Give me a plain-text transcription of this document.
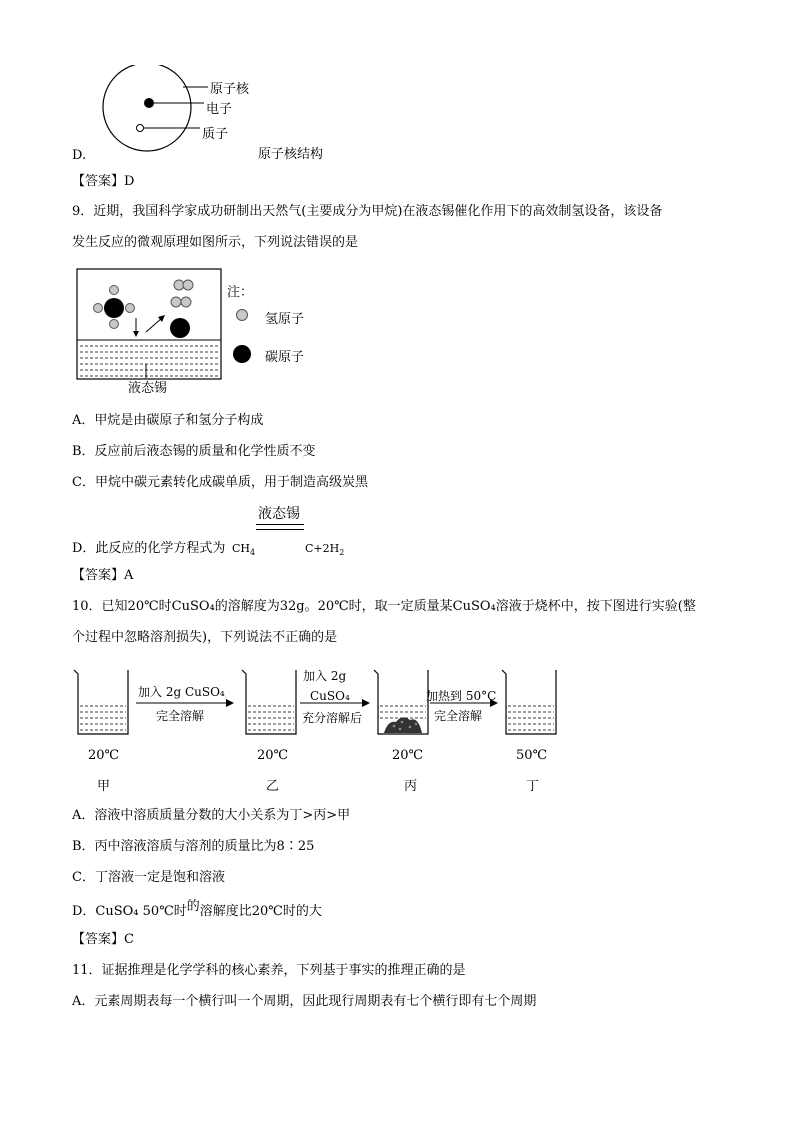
原子核
电子
质子
D.	原子核结构
【答案】D
9．近期，我国科学家成功研制出天然气(主要成分为甲烷)在液态锡催化作用下的高效制氢设备，该设备
发生反应的微观原理如图所示，下列说法错误的是
液态锡
注：
氢原子
碳原子
A．甲烷是由碳原子和氢分子构成
B．反应前后液态锡的质量和化学性质不变
C．甲烷中碳元素转化成碳单质，用于制造高级炭黑
液态锡
D．此反应的化学方程式为 $CH_4$	$C+2H_2$
【答案】A
10．已知20℃时CuSO₄的溶解度为32g。20℃时，取一定质量某CuSO₄溶液于烧杯中，按下图进行实验(整
个过程中忽略溶剂损失)，下列说法不正确的是
加入 2g CuSO₄
完全溶解
加入 2g
CuSO₄
充分溶解后
加热到 50°C
完全溶解
20℃	20℃	20℃	50℃
甲	乙	丙	丁
A．溶液中溶质质量分数的大小关系为丁>丙>甲
B．丙中溶液溶质与溶剂的质量比为8∶25
C．丁溶液一定是饱和溶液
D．CuSO₄ 50℃时的溶解度比20℃时的大
【答案】C
11．证据推理是化学学科的核心素养，下列基于事实的推理正确的是
A．元素周期表每一个横行叫一个周期，因此现行周期表有七个横行即有七个周期
